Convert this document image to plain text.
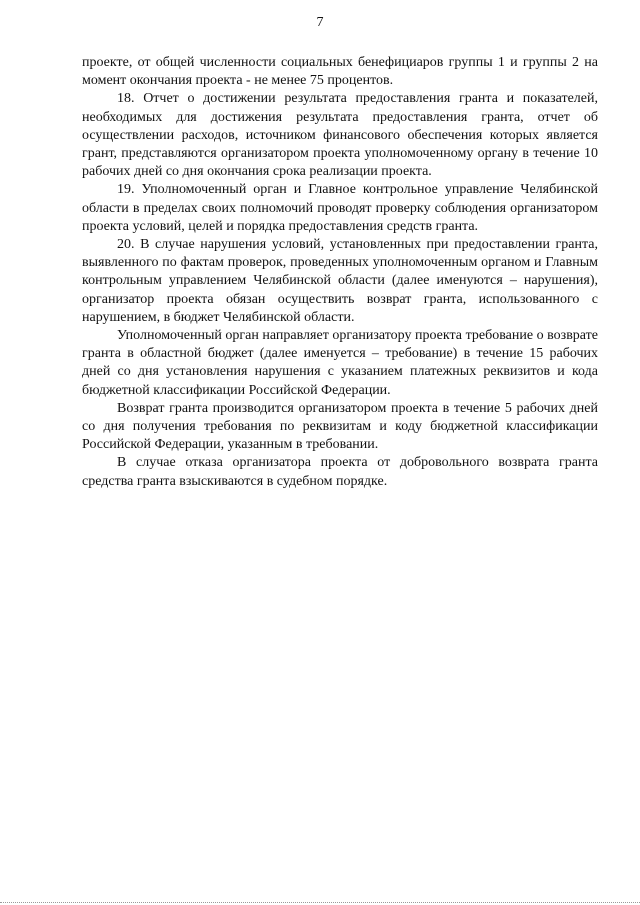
7

проекте, от общей численности социальных бенефициаров группы 1 и группы 2 на момент окончания проекта - не менее 75 процентов.

18. Отчет о достижении результата предоставления гранта и показателей, необходимых для достижения результата предоставления гранта, отчет об осуществлении расходов, источником финансового обеспечения которых является грант, представляются организатором проекта уполномоченному органу в течение 10 рабочих дней со дня окончания срока реализации проекта.

19. Уполномоченный орган и Главное контрольное управление Челябинской области в пределах своих полномочий проводят проверку соблюдения организатором проекта условий, целей и порядка предоставления средств гранта.

20. В случае нарушения условий, установленных при предоставлении гранта, выявленного по фактам проверок, проведенных уполномоченным органом и Главным контрольным управлением Челябинской области (далее именуются – нарушения), организатор проекта обязан осуществить возврат гранта, использованного с нарушением, в бюджет Челябинской области.

Уполномоченный орган направляет организатору проекта требование о возврате гранта в областной бюджет (далее именуется – требование) в течение 15 рабочих дней со дня установления нарушения с указанием платежных реквизитов и кода бюджетной классификации Российской Федерации.

Возврат гранта производится организатором проекта в течение 5 рабочих дней со дня получения требования по реквизитам и коду бюджетной классификации Российской Федерации, указанным в требовании.

В случае отказа организатора проекта от добровольного возврата гранта средства гранта взыскиваются в судебном порядке.
